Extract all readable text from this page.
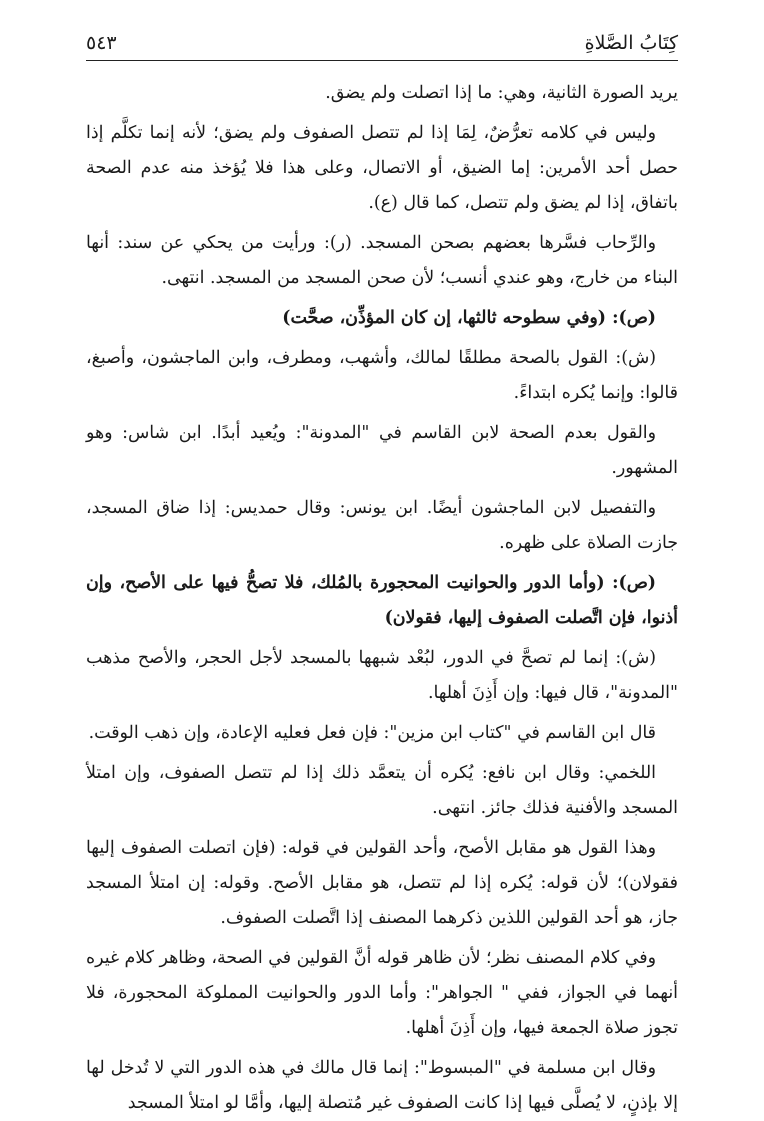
كِتَابُ الصَّلاةِ
٥٤٣

يريد الصورة الثانية، وهي: ما إذا اتصلت ولم يضق.

وليس في كلامه تعرُّضٌ، لِمَا إذا لم تتصل الصفوف ولم يضق؛ لأنه إنما تكلَّم إذا حصل أحد الأمرين: إما الضيق، أو الاتصال، وعلى هذا فلا يُؤخذ منه عدم الصحة باتفاق، إذا لم يضق ولم تتصل، كما قال (ع).

والرِّحاب فسَّرها بعضهم بصحن المسجد. (ر): ورأيت من يحكي عن سند: أنها البناء من خارج، وهو عندي أنسب؛ لأن صحن المسجد من المسجد. انتهى.

(ص): (وفي سطوحه ثالثها، إن كان المؤذِّن، صحَّت)

(ش): القول بالصحة مطلقًا لمالك، وأشهب، ومطرف، وابن الماجشون، وأصبغ، قالوا: وإنما يُكره ابتداءً.

والقول بعدم الصحة لابن القاسم في "المدونة": ويُعيد أبدًا. ابن شاس: وهو المشهور.

والتفصيل لابن الماجشون أيضًا. ابن يونس: وقال حمديس: إذا ضاق المسجد، جازت الصلاة على ظهره.

(ص): (وأما الدور والحوانيت المحجورة بالمُلك، فلا تصحُّ فيها على الأصح، وإن أذنوا، فإن اتَّصلت الصفوف إليها، فقولان)

(ش): إنما لم تصحَّ في الدور، لبُعْد شبهها بالمسجد لأجل الحجر، والأصح مذهب "المدونة"، قال فيها: وإن أَذِنَ أهلها.

قال ابن القاسم في "كتاب ابن مزين": فإن فعل فعليه الإعادة، وإن ذهب الوقت.

اللخمي: وقال ابن نافع: يُكره أن يتعمَّد ذلك إذا لم تتصل الصفوف، وإن امتلأ المسجد والأفنية فذلك جائز. انتهى.

وهذا القول هو مقابل الأصح، وأحد القولين في قوله: (فإن اتصلت الصفوف إليها فقولان)؛ لأن قوله: يُكره إذا لم تتصل، هو مقابل الأصح. وقوله: إن امتلأ المسجد جاز، هو أحد القولين اللذين ذكرهما المصنف إذا اتَّصلت الصفوف.

وفي كلام المصنف نظر؛ لأن ظاهر قوله أنَّ القولين في الصحة، وظاهر كلام غيره أنهما في الجواز، ففي " الجواهر": وأما الدور والحوانيت المملوكة المحجورة، فلا تجوز صلاة الجمعة فيها، وإن أَذِنَ أهلها.

وقال ابن مسلمة في "المبسوط": إنما قال مالك في هذه الدور التي لا تُدخل لها إلا بإذنٍ، لا يُصلَّى فيها إذا كانت الصفوف غير مُتصلة إليها، وأمَّا لو امتلأ المسجد
